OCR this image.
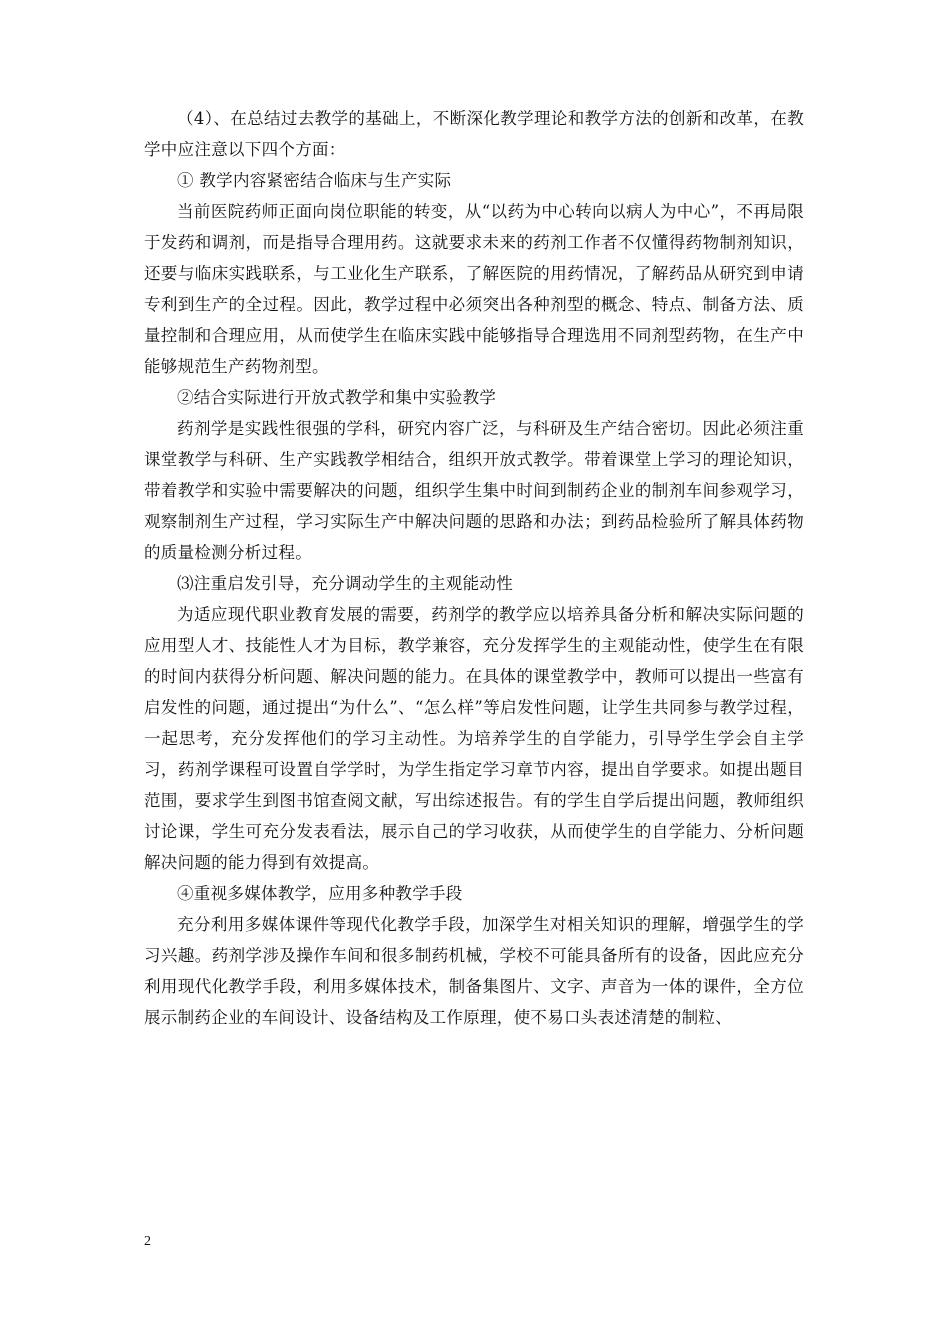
（4）、在总结过去教学的基础上，不断深化教学理论和教学方法的创新和改革，在教学中应注意以下四个方面：

① 教学内容紧密结合临床与生产实际

当前医院药师正面向岗位职能的转变，从“以药为中心转向以病人为中心”，不再局限于发药和调剂，而是指导合理用药。这就要求未来的药剂工作者不仅懂得药物制剂知识，还要与临床实践联系，与工业化生产联系，了解医院的用药情况，了解药品从研究到申请专利到生产的全过程。因此，教学过程中必须突出各种剂型的概念、特点、制备方法、质量控制和合理应用，从而使学生在临床实践中能够指导合理选用不同剂型药物，在生产中能够规范生产药物剂型。

②结合实际进行开放式教学和集中实验教学

药剂学是实践性很强的学科，研究内容广泛，与科研及生产结合密切。因此必须注重课堂教学与科研、生产实践教学相结合，组织开放式教学。带着课堂上学习的理论知识，带着教学和实验中需要解决的问题，组织学生集中时间到制药企业的制剂车间参观学习，观察制剂生产过程，学习实际生产中解决问题的思路和办法；到药品检验所了解具体药物的质量检测分析过程。

⑶注重启发引导，充分调动学生的主观能动性

为适应现代职业教育发展的需要，药剂学的教学应以培养具备分析和解决实际问题的应用型人才、技能性人才为目标，教学兼容，充分发挥学生的主观能动性，使学生在有限的时间内获得分析问题、解决问题的能力。在具体的课堂教学中，教师可以提出一些富有启发性的问题，通过提出“为什么”、“怎么样”等启发性问题，让学生共同参与教学过程，一起思考，充分发挥他们的学习主动性。为培养学生的自学能力，引导学生学会自主学习，药剂学课程可设置自学学时，为学生指定学习章节内容，提出自学要求。如提出题目范围，要求学生到图书馆查阅文献，写出综述报告。有的学生自学后提出问题，教师组织讨论课，学生可充分发表看法，展示自己的学习收获，从而使学生的自学能力、分析问题解决问题的能力得到有效提高。

④重视多媒体教学，应用多种教学手段

充分利用多媒体课件等现代化教学手段，加深学生对相关知识的理解，增强学生的学习兴趣。药剂学涉及操作车间和很多制药机械，学校不可能具备所有的设备，因此应充分利用现代化教学手段，利用多媒体技术，制备集图片、文字、声音为一体的课件，全方位展示制药企业的车间设计、设备结构及工作原理，使不易口头表述清楚的制粒、

2
